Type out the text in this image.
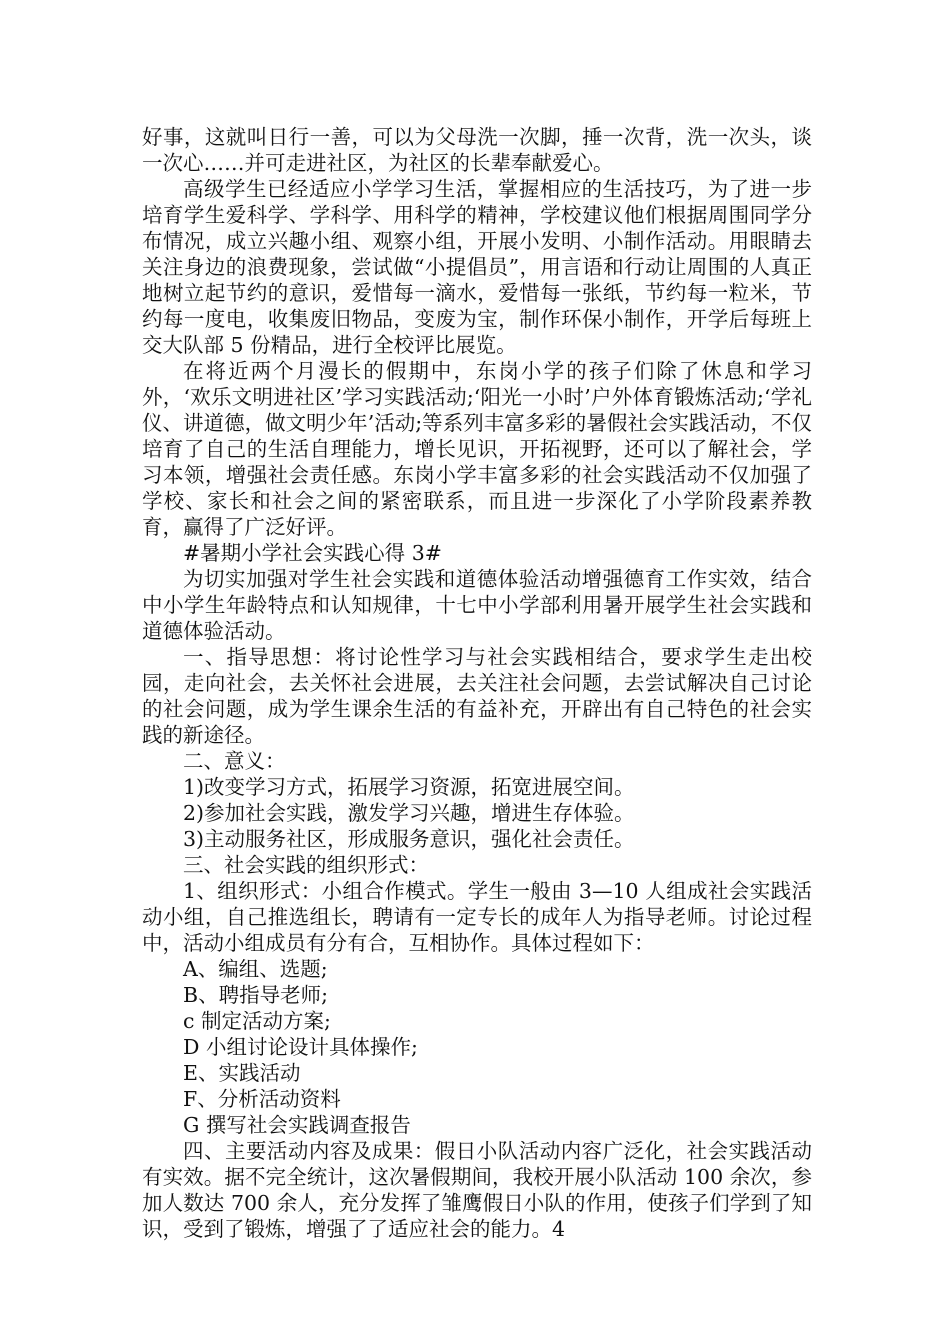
好事，这就叫日行一善，可以为父母洗一次脚，捶一次背，洗一次头，谈一次心……并可走进社区，为社区的长辈奉献爱心。

高级学生已经适应小学学习生活，掌握相应的生活技巧，为了进一步培育学生爱科学、学科学、用科学的精神，学校建议他们根据周围同学分布情况，成立兴趣小组、观察小组，开展小发明、小制作活动。用眼睛去关注身边的浪费现象，尝试做“小提倡员”，用言语和行动让周围的人真正地树立起节约的意识，爱惜每一滴水，爱惜每一张纸，节约每一粒米，节约每一度电，收集废旧物品，变废为宝，制作环保小制作，开学后每班上交大队部 5 份精品，进行全校评比展览。

在将近两个月漫长的假期中，东岗小学的孩子们除了休息和学习外，‘欢乐文明进社区’学习实践活动;‘阳光一小时’户外体育锻炼活动;‘学礼仪、讲道德，做文明少年’活动;等系列丰富多彩的暑假社会实践活动，不仅培育了自己的生活自理能力，增长见识，开拓视野，还可以了解社会，学习本领，增强社会责任感。东岗小学丰富多彩的社会实践活动不仅加强了学校、家长和社会之间的紧密联系，而且进一步深化了小学阶段素养教育，赢得了广泛好评。

#暑期小学社会实践心得 3#

为切实加强对学生社会实践和道德体验活动增强德育工作实效，结合中小学生年龄特点和认知规律，十七中小学部利用暑开展学生社会实践和道德体验活动。

一、指导思想：将讨论性学习与社会实践相结合，要求学生走出校园，走向社会，去关怀社会进展，去关注社会问题，去尝试解决自己讨论的社会问题，成为学生课余生活的有益补充，开辟出有自己特色的社会实践的新途径。

二、意义：

1)改变学习方式，拓展学习资源，拓宽进展空间。

2)参加社会实践，激发学习兴趣，增进生存体验。

3)主动服务社区，形成服务意识，强化社会责任。

三、社会实践的组织形式：

1、组织形式：小组合作模式。学生一般由 3—10 人组成社会实践活动小组，自己推选组长，聘请有一定专长的成年人为指导老师。讨论过程中，活动小组成员有分有合，互相协作。具体过程如下：

A、编组、选题;

B、聘指导老师;

c 制定活动方案;

D 小组讨论设计具体操作;

E、实践活动

F、分析活动资料

G 撰写社会实践调查报告

四、主要活动内容及成果：假日小队活动内容广泛化，社会实践活动有实效。据不完全统计，这次暑假期间，我校开展小队活动 100 余次，参加人数达 700 余人，充分发挥了雏鹰假日小队的作用，使孩子们学到了知识，受到了锻炼，增强了了适应社会的能力。4
